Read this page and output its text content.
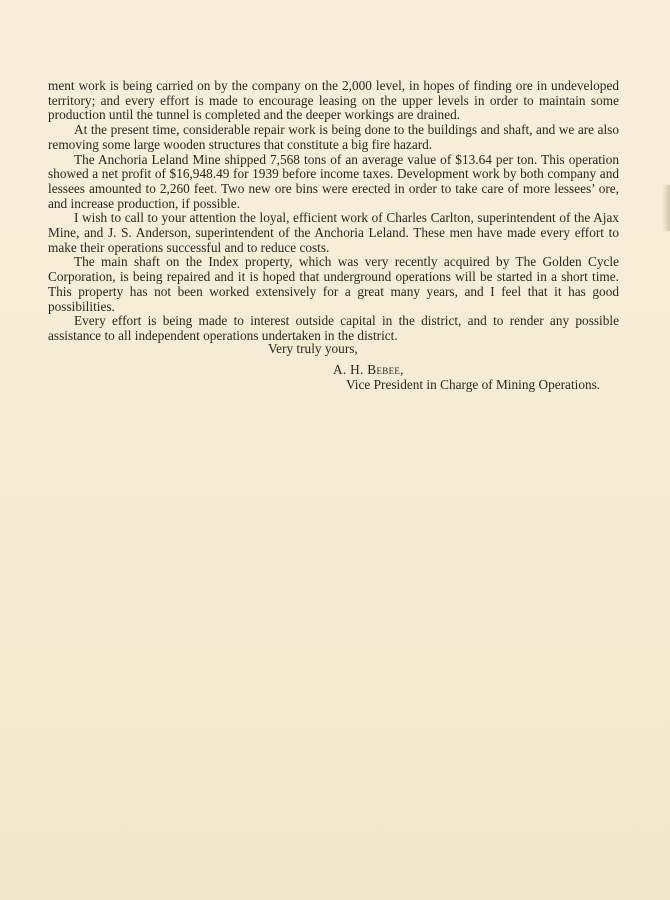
ment work is being carried on by the company on the 2,000 level, in hopes of finding ore in undeveloped territory; and every effort is made to encourage leasing on the upper levels in order to maintain some production until the tunnel is completed and the deeper workings are drained.

At the present time, considerable repair work is being done to the buildings and shaft, and we are also removing some large wooden structures that constitute a big fire hazard.

The Anchoria Leland Mine shipped 7,568 tons of an average value of $13.64 per ton. This operation showed a net profit of $16,948.49 for 1939 before income taxes. Development work by both company and lessees amounted to 2,260 feet. Two new ore bins were erected in order to take care of more lessees’ ore, and increase production, if possible.

I wish to call to your attention the loyal, efficient work of Charles Carlton, superintendent of the Ajax Mine, and J. S. Anderson, superintendent of the Anchoria Leland. These men have made every effort to make their operations successful and to reduce costs.

The main shaft on the Index property, which was very recently acquired by The Golden Cycle Corporation, is being repaired and it is hoped that underground operations will be started in a short time. This property has not been worked extensively for a great many years, and I feel that it has good possibilities.

Every effort is being made to interest outside capital in the district, and to render any possible assistance to all independent operations undertaken in the district.

Very truly yours,
A. H. Bebee,
Vice President in Charge of Mining Operations.
